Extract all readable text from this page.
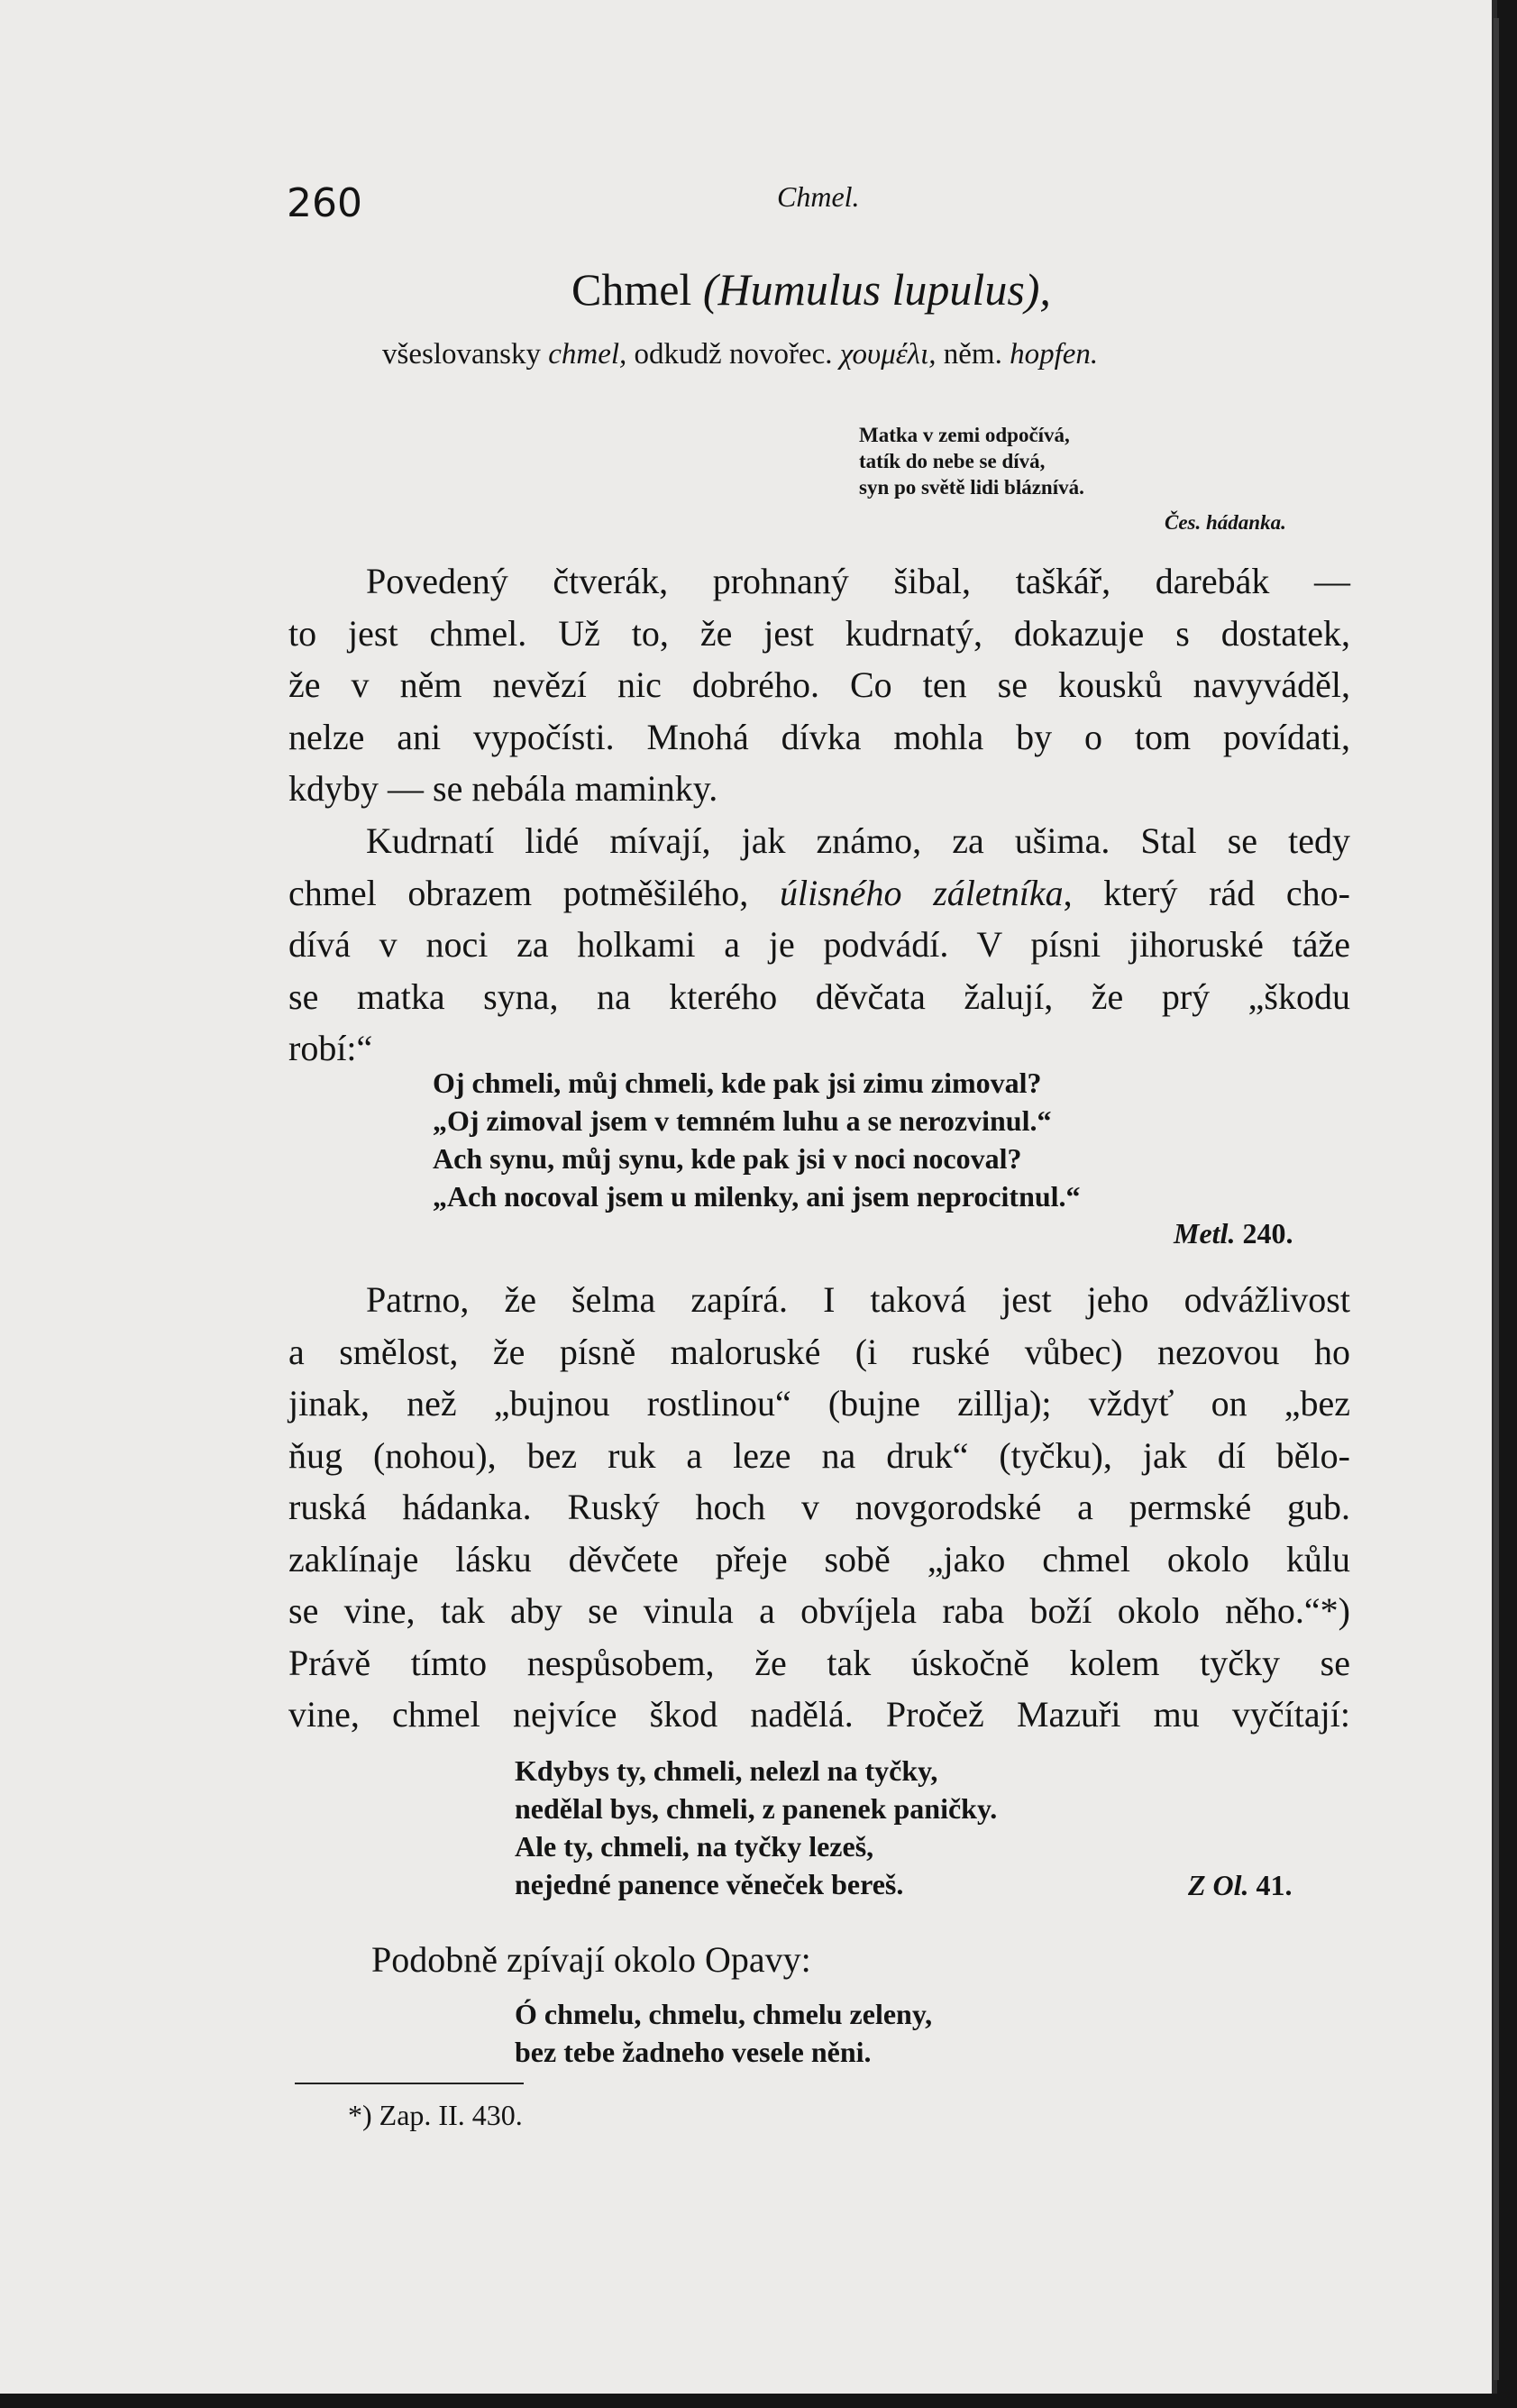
260	Chmel.
Chmel (Humulus lupulus),
všeslovansky chmel, odkudž novořec. χουμέλι, něm. hopfen.
Matka v zemi odpočívá,
tatík do nebe se dívá,
syn po světě lidi bláznívá.
Čes. hádanka.
Povedený čtverák, prohnaný šibal, taškář, darebák —
to jest chmel. Už to, že jest kudrnatý, dokazuje s dostatek,
že v něm nevězí nic dobrého. Co ten se kousků navyváděl,
nelze ani vypočísti. Mnohá dívka mohla by o tom povídati,
kdyby — se nebála maminky.
Kudrnatí lidé mívají, jak známo, za ušima. Stal se tedy
chmel obrazem potměšilého, úlisného záletníka, který rád cho-
dívá v noci za holkami a je podvádí. V písni jihoruské táže
se matka syna, na kterého děvčata žalují, že prý „škodu
robí:“
Oj chmeli, můj chmeli, kde pak jsi zimu zimoval?
„Oj zimoval jsem v temném luhu a se nerozvinul.“
Ach synu, můj synu, kde pak jsi v noci nocoval?
„Ach nocoval jsem u milenky, ani jsem neprocitnul.“
Metl. 240.
Patrno, že šelma zapírá. I taková jest jeho odvážlivost
a smělost, že písně maloruské (i ruské vůbec) nezovou ho
jinak, než „bujnou rostlinou“ (bujne zillja); vždyť on „bez
ňug (nohou), bez ruk a leze na druk“ (tyčku), jak dí bělo-
ruská hádanka. Ruský hoch v novgorodské a permské gub.
zaklínaje lásku děvčete přeje sobě „jako chmel okolo kůlu
se vine, tak aby se vinula a obvíjela raba boží okolo něho.“*)
Právě tímto nespůsobem, že tak úskočně kolem tyčky se
vine, chmel nejvíce škod nadělá. Pročež Mazuři mu vyčítají:
Kdybys ty, chmeli, nelezl na tyčky,
nedělal bys, chmeli, z panenek paničky.
Ale ty, chmeli, na tyčky lezeš,
nejedné panence věneček bereš.	Z Ol. 41.
Podobně zpívají okolo Opavy:
Ó chmelu, chmelu, chmelu zeleny,
bez tebe žadneho vesele něni.
*) Zap. II. 430.
